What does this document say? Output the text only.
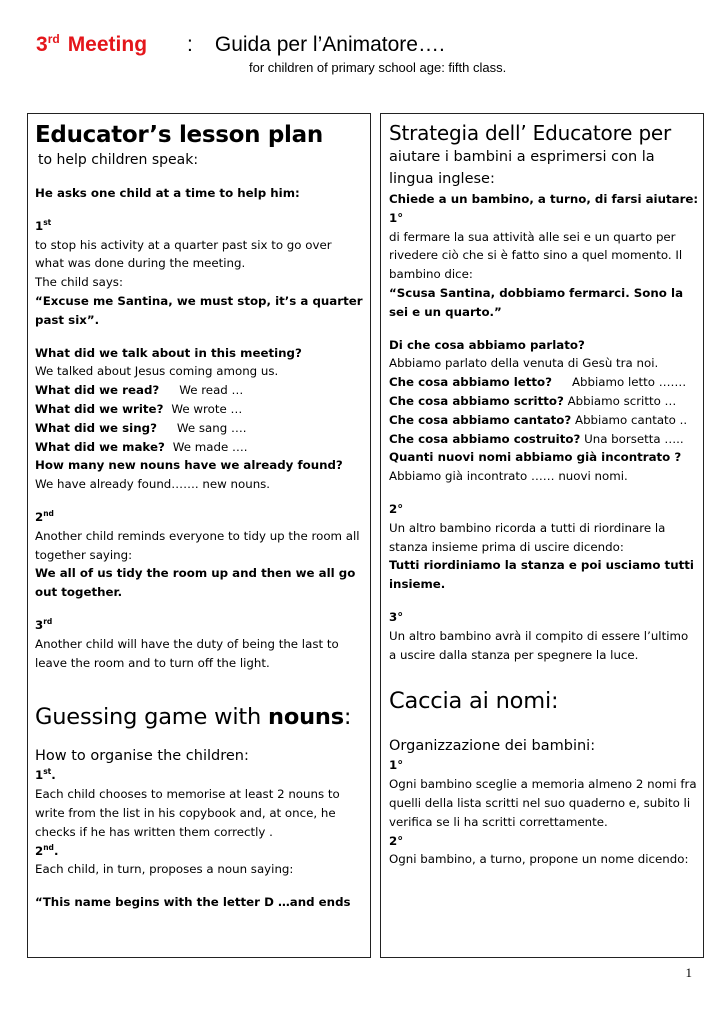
3rd Meeting : Guida per l’Animatore….
for children of primary school age: fifth class.

Educator’s lesson plan

to help children speak:

He asks one child at a time to help him:

1st

to stop his activity at a quarter past six to go over what was done during the meeting.

The child says:

“Excuse me Santina, we must stop, it’s a quarter past six”.

What did we talk about in this meeting?

We talked about Jesus coming among us.

What did we read? We read …

What did we write? We wrote …

What did we sing? We sang ….

What did we make? We made ….

How many new nouns have we already found?

We have already found……. new nouns.

2nd

Another child reminds everyone to tidy up the room all together saying:

We all of us tidy the room up and then we all go out together.

3rd

Another child will have the duty of being the last to leave the room and to turn off the light.

Guessing game with nouns:

How to organise the children:

1st.

Each child chooses to memorise at least 2 nouns to write from the list in his copybook and, at once, he checks if he has written them correctly .

2nd.

Each child, in turn, proposes a noun saying:

“This name begins with the letter D …and ends

Strategia dell’ Educatore per

aiutare i bambini a esprimersi con la lingua inglese:

Chiede a un bambino, a turno, di farsi aiutare:

1°

di fermare la sua attività alle sei e un quarto per rivedere ciò che si è fatto sino a quel momento. Il bambino dice:

“Scusa Santina, dobbiamo fermarci. Sono la sei e un quarto.”

Di che cosa abbiamo parlato?

Abbiamo parlato della venuta di Gesù tra noi.

Che cosa abbiamo letto? Abbiamo letto …….

Che cosa abbiamo scritto? Abbiamo scritto …

Che cosa abbiamo cantato? Abbiamo cantato ..

Che cosa abbiamo costruito? Una borsetta …..

Quanti nuovi nomi abbiamo già incontrato ?

Abbiamo già incontrato …… nuovi nomi.

2°

Un altro bambino ricorda a tutti di riordinare la stanza insieme prima di uscire dicendo:

Tutti riordiniamo la stanza e poi usciamo tutti insieme.

3°

Un altro bambino avrà il compito di essere l’ultimo a uscire dalla stanza per spegnere la luce.

Caccia ai nomi:

Organizzazione dei bambini:

1°

Ogni bambino sceglie a memoria almeno 2 nomi fra quelli della lista scritti nel suo quaderno e, subito li verifica se li ha scritti correttamente.

2°

Ogni bambino, a turno, propone un nome dicendo:

1
